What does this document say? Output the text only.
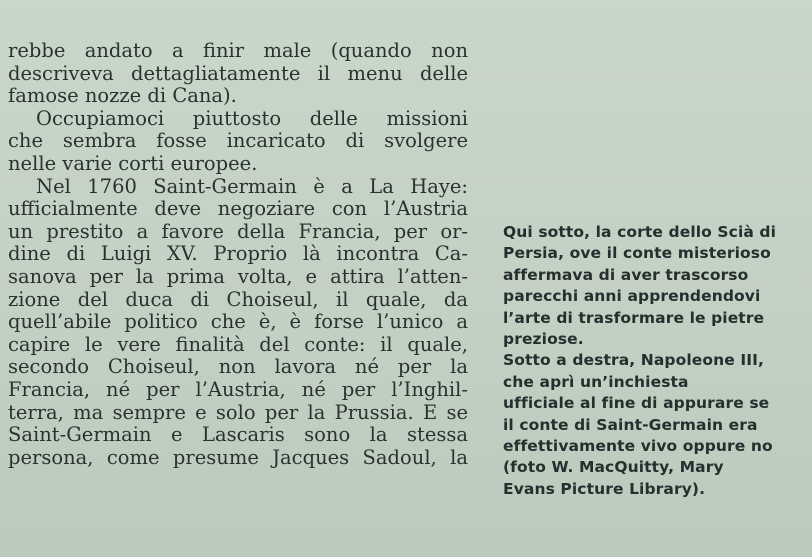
rebbe andato a finir male (quando non
descriveva dettagliatamente il menu delle
famose nozze di Cana).
Occupiamoci piuttosto delle missioni
che sembra fosse incaricato di svolgere
nelle varie corti europee.
Nel 1760 Saint-Germain è a La Haye:
ufficialmente deve negoziare con l’Austria
un prestito a favore della Francia, per or-
dine di Luigi XV. Proprio là incontra Ca-
sanova per la prima volta, e attira l’atten-
zione del duca di Choiseul, il quale, da
quell’abile politico che è, è forse l’unico a
capire le vere finalità del conte: il quale,
secondo Choiseul, non lavora né per la
Francia, né per l’Austria, né per l’Inghil-
terra, ma sempre e solo per la Prussia. E se
Saint-Germain e Lascaris sono la stessa
persona, come presume Jacques Sadoul, la
Qui sotto, la corte dello Scià di
Persia, ove il conte misterioso
affermava di aver trascorso
parecchi anni apprendendovi
l’arte di trasformare le pietre
preziose.
Sotto a destra, Napoleone III,
che aprì un’inchiesta
ufficiale al fine di appurare se
il conte di Saint-Germain era
effettivamente vivo oppure no
(foto W. MacQuitty, Mary
Evans Picture Library).
